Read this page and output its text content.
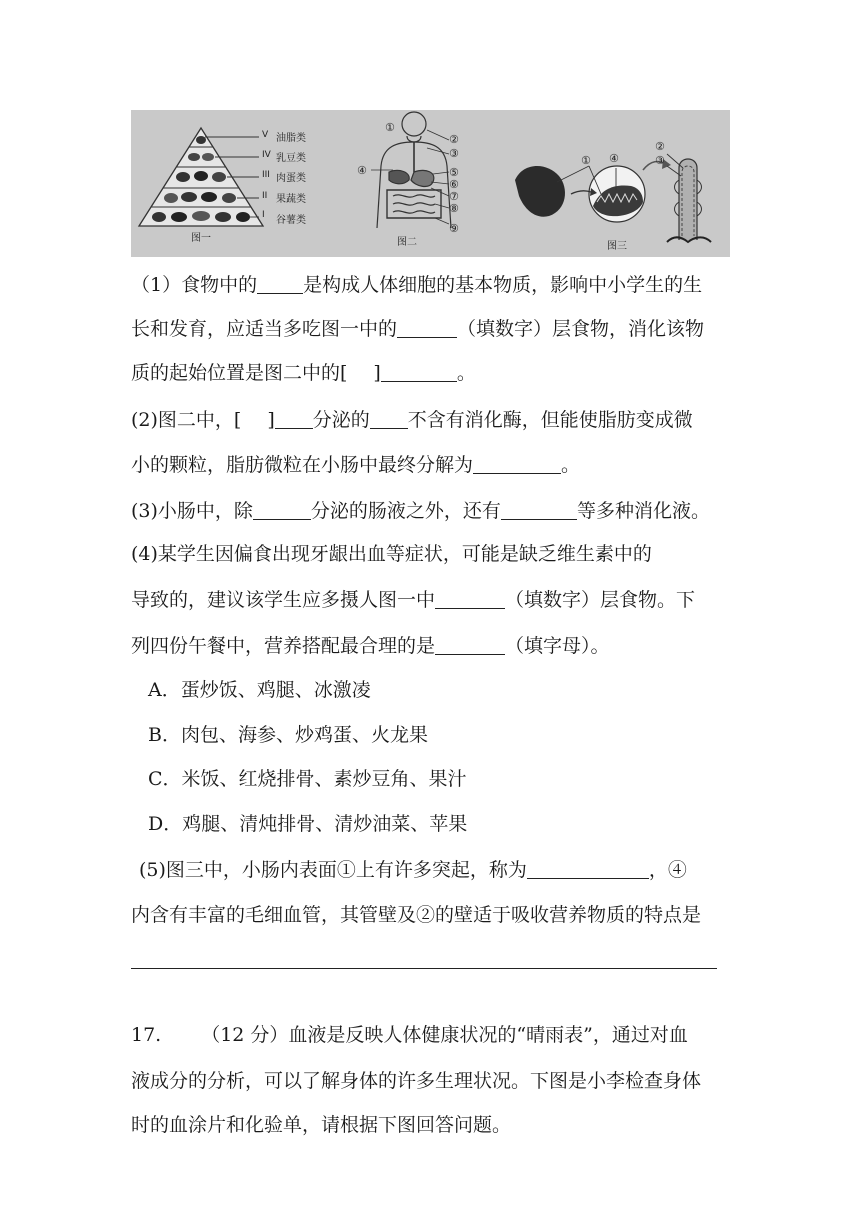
V 油脂类
IV 乳豆类
III 肉蛋类
II 果蔬类
I 谷薯类
图一
①
②
③
④	⑤
⑥
⑦
⑧
⑨
图二
① ④
②
③
图三
（1）食物中的 是构成人体细胞的基本物质，影响中小学生的生
长和发育，应适当多吃图一中的	（填数字）层食物，消化该物
质的起始位置是图二中的[ ]	。
(2)图二中，[ ] 分泌的 不含有消化酶，但能使脂肪变成微
小的颗粒，脂肪微粒在小肠中最终分解为	。
(3)小肠中，除	分泌的肠液之外，还有	等多种消化液。
(4)某学生因偏食出现牙龈出血等症状，可能是缺乏维生素中的
导致的，建议该学生应多摄人图一中	（填数字）层食物。下
列四份午餐中，营养搭配最合理的是	（填字母）。
A．蛋炒饭、鸡腿、冰激凌
B．肉包、海参、炒鸡蛋、火龙果
C．米饭、红烧排骨、素炒豆角、果汁
D．鸡腿、清炖排骨、清炒油菜、苹果
(5)图三中，小肠内表面①上有许多突起，称为	，④
内含有丰富的毛细血管，其管壁及②的壁适于吸收营养物质的特点是
17. （12 分）血液是反映人体健康状况的“晴雨表”，通过对血
液成分的分析，可以了解身体的许多生理状况。下图是小李检查身体
时的血涂片和化验单，请根据下图回答问题。
